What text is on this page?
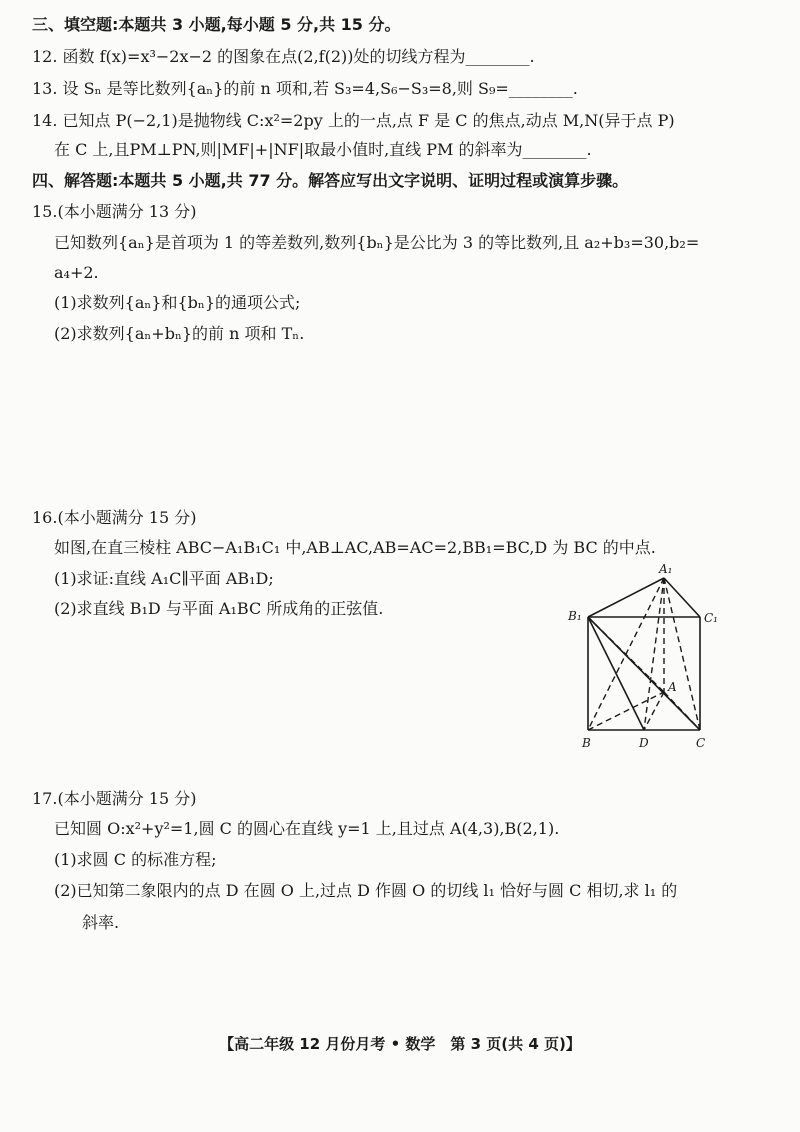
三、填空题:本题共 3 小题,每小题 5 分,共 15 分。
12. 函数 f(x)=x³−2x−2 的图象在点(2,f(2))处的切线方程为________.
13. 设 Sₙ 是等比数列{aₙ}的前 n 项和,若 S₃=4,S₆−S₃=8,则 S₉=________.
14. 已知点 P(−2,1)是抛物线 C:x²=2py 上的一点,点 F 是 C 的焦点,动点 M,N(异于点 P)
在 C 上,且PM⊥PN,则|MF|+|NF|取最小值时,直线 PM 的斜率为________.
四、解答题:本题共 5 小题,共 77 分。解答应写出文字说明、证明过程或演算步骤。
15.(本小题满分 13 分)
已知数列{aₙ}是首项为 1 的等差数列,数列{bₙ}是公比为 3 的等比数列,且 a₂+b₃=30,b₂=
a₄+2.
(1)求数列{aₙ}和{bₙ}的通项公式;
(2)求数列{aₙ+bₙ}的前 n 项和 Tₙ.
16.(本小题满分 15 分)
如图,在直三棱柱 ABC−A₁B₁C₁ 中,AB⊥AC,AB=AC=2,BB₁=BC,D 为 BC 的中点.
(1)求证:直线 A₁C∥平面 AB₁D;
(2)求直线 B₁D 与平面 A₁BC 所成角的正弦值.
A₁
B₁	C₁
A
B	D	C
17.(本小题满分 15 分)
已知圆 O:x²+y²=1,圆 C 的圆心在直线 y=1 上,且过点 A(4,3),B(2,1).
(1)求圆 C 的标准方程;
(2)已知第二象限内的点 D 在圆 O 上,过点 D 作圆 O 的切线 l₁ 恰好与圆 C 相切,求 l₁ 的
斜率.
【高二年级 12 月份月考 • 数学　第 3 页(共 4 页)】
